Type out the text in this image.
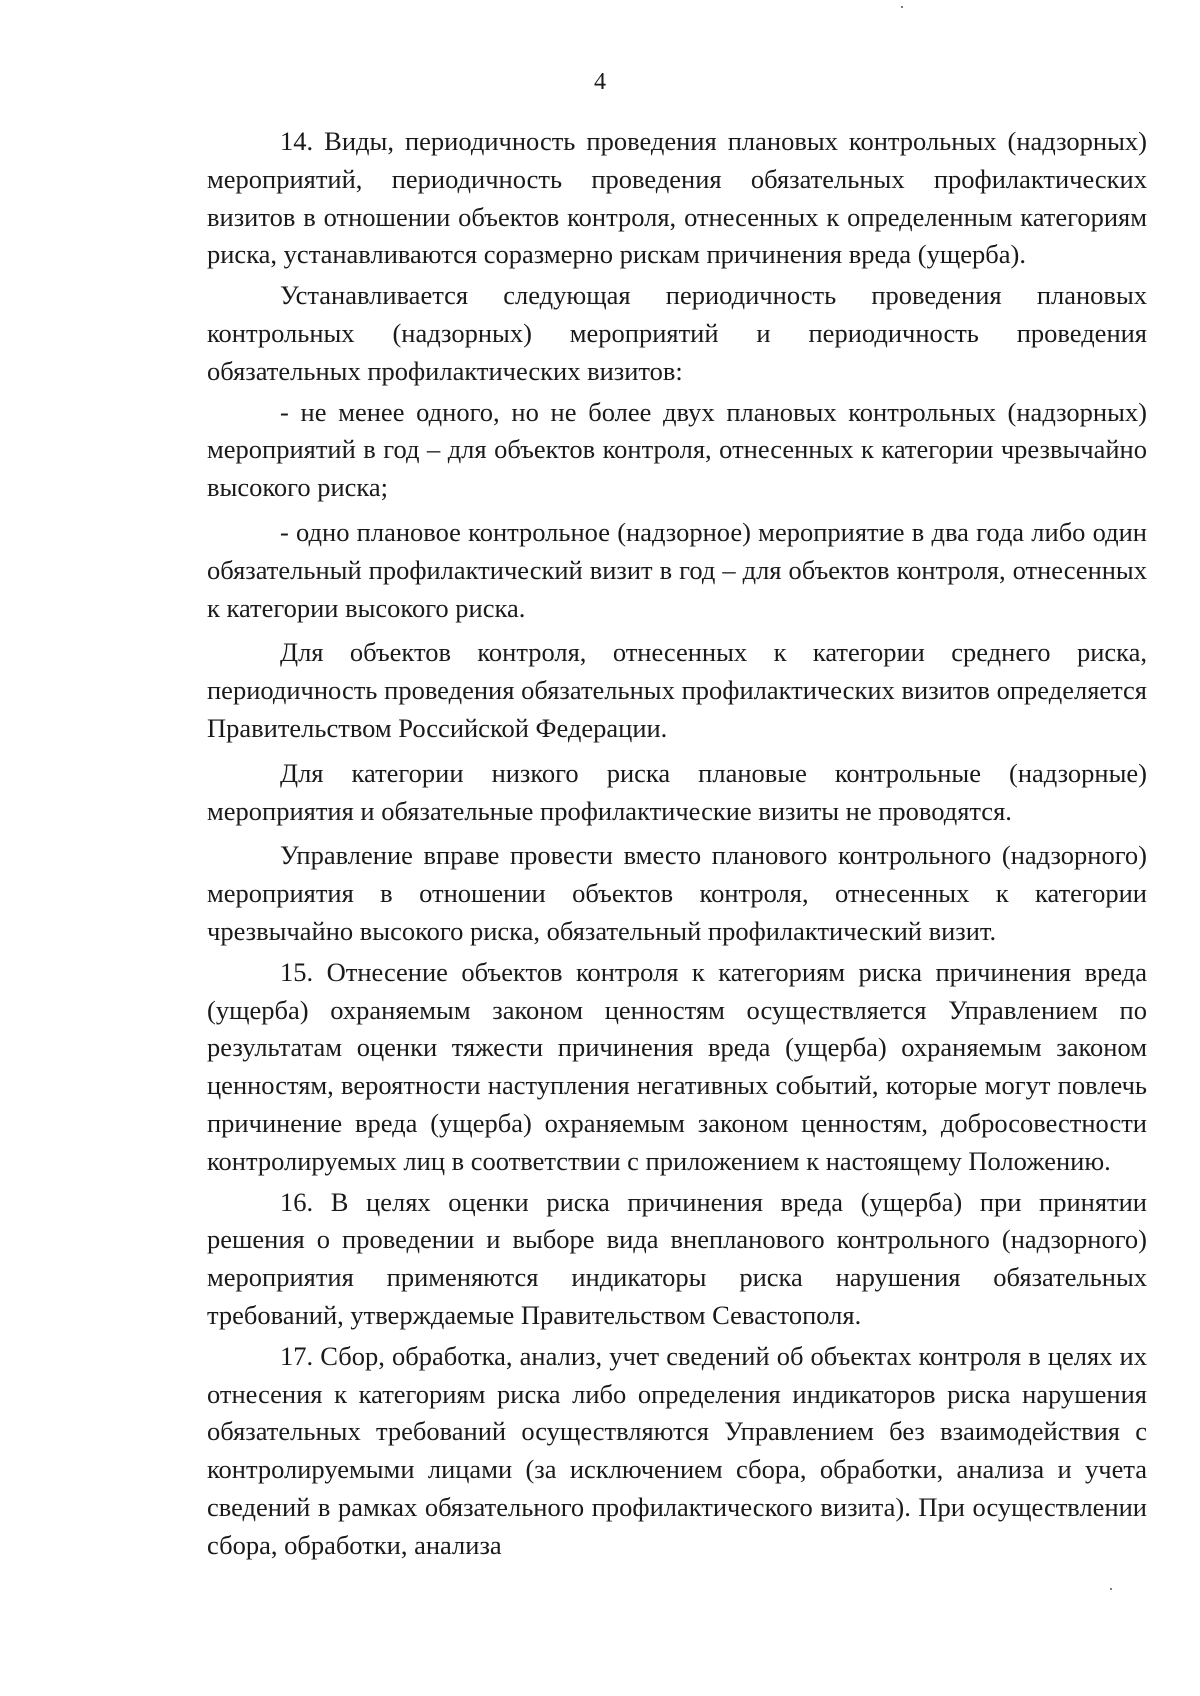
4

14. Виды, периодичность проведения плановых контрольных (надзорных) мероприятий, периодичность проведения обязательных профилактических визитов в отношении объектов контроля, отнесенных к определенным категориям риска, устанавливаются соразмерно рискам причинения вреда (ущерба).

Устанавливается следующая периодичность проведения плановых контрольных (надзорных) мероприятий и периодичность проведения обязательных профилактических визитов:

- не менее одного, но не более двух плановых контрольных (надзорных) мероприятий в год – для объектов контроля, отнесенных к категории чрезвычайно высокого риска;

- одно плановое контрольное (надзорное) мероприятие в два года либо один обязательный профилактический визит в год – для объектов контроля, отнесенных к категории высокого риска.

Для объектов контроля, отнесенных к категории среднего риска, периодичность проведения обязательных профилактических визитов определяется Правительством Российской Федерации.

Для категории низкого риска плановые контрольные (надзорные) мероприятия и обязательные профилактические визиты не проводятся.

Управление вправе провести вместо планового контрольного (надзорного) мероприятия в отношении объектов контроля, отнесенных к категории чрезвычайно высокого риска, обязательный профилактический визит.

15. Отнесение объектов контроля к категориям риска причинения вреда (ущерба) охраняемым законом ценностям осуществляется Управлением по результатам оценки тяжести причинения вреда (ущерба) охраняемым законом ценностям, вероятности наступления негативных событий, которые могут повлечь причинение вреда (ущерба) охраняемым законом ценностям, добросовестности контролируемых лиц в соответствии с приложением к настоящему Положению.

16. В целях оценки риска причинения вреда (ущерба) при принятии решения о проведении и выборе вида внепланового контрольного (надзорного) мероприятия применяются индикаторы риска нарушения обязательных требований, утверждаемые Правительством Севастополя.

17. Сбор, обработка, анализ, учет сведений об объектах контроля в целях их отнесения к категориям риска либо определения индикаторов риска нарушения обязательных требований осуществляются Управлением без взаимодействия с контролируемыми лицами (за исключением сбора, обработки, анализа и учета сведений в рамках обязательного профилактического визита). При осуществлении сбора, обработки, анализа
